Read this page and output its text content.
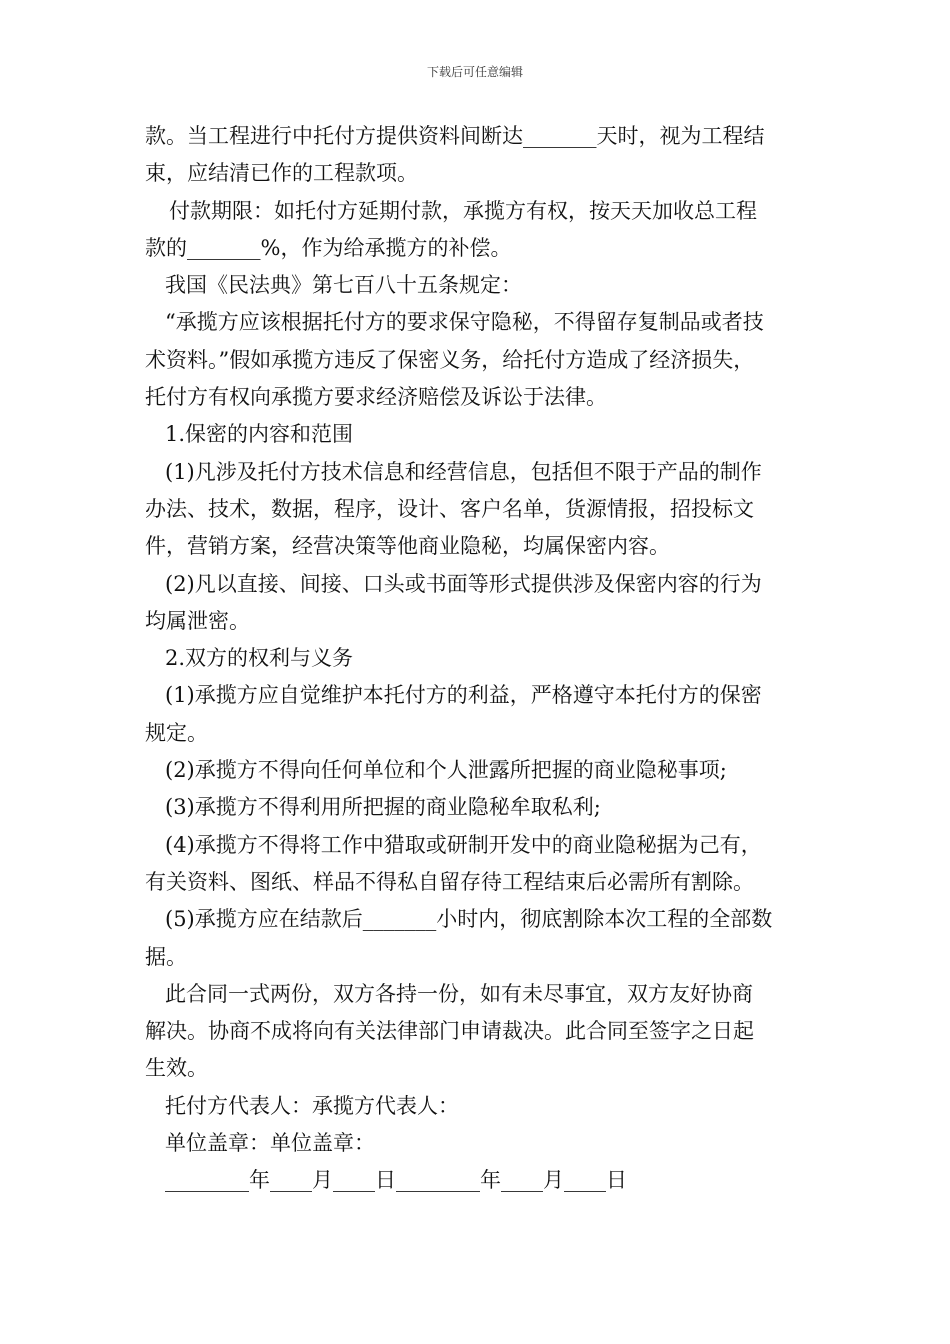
下载后可任意编辑

款。当工程进行中托付方提供资料间断达_______天时，视为工程结
束，应结清已作的工程款项。

付款期限：如托付方延期付款，承揽方有权，按天天加收总工程
款的_______%，作为给承揽方的补偿。

我国《民法典》第七百八十五条规定：

“承揽方应该根据托付方的要求保守隐秘，不得留存复制品或者技
术资料。”假如承揽方违反了保密义务，给托付方造成了经济损失，
托付方有权向承揽方要求经济赔偿及诉讼于法律。

1.保密的内容和范围

(1)凡涉及托付方技术信息和经营信息，包括但不限于产品的制作
办法、技术，数据，程序，设计、客户名单，货源情报，招投标文
件，营销方案，经营决策等他商业隐秘，均属保密内容。

(2)凡以直接、间接、口头或书面等形式提供涉及保密内容的行为
均属泄密。

2.双方的权利与义务

(1)承揽方应自觉维护本托付方的利益，严格遵守本托付方的保密
规定。

(2)承揽方不得向任何单位和个人泄露所把握的商业隐秘事项;

(3)承揽方不得利用所把握的商业隐秘牟取私利;

(4)承揽方不得将工作中猎取或研制开发中的商业隐秘据为己有，
有关资料、图纸、样品不得私自留存待工程结束后必需所有割除。

(5)承揽方应在结款后_______小时内，彻底割除本次工程的全部数
据。

此合同一式两份，双方各持一份，如有未尽事宜，双方友好协商
解决。协商不成将向有关法律部门申请裁决。此合同至签字之日起
生效。

托付方代表人：承揽方代表人：

单位盖章：单位盖章：

________年____月____日________年____月____日
